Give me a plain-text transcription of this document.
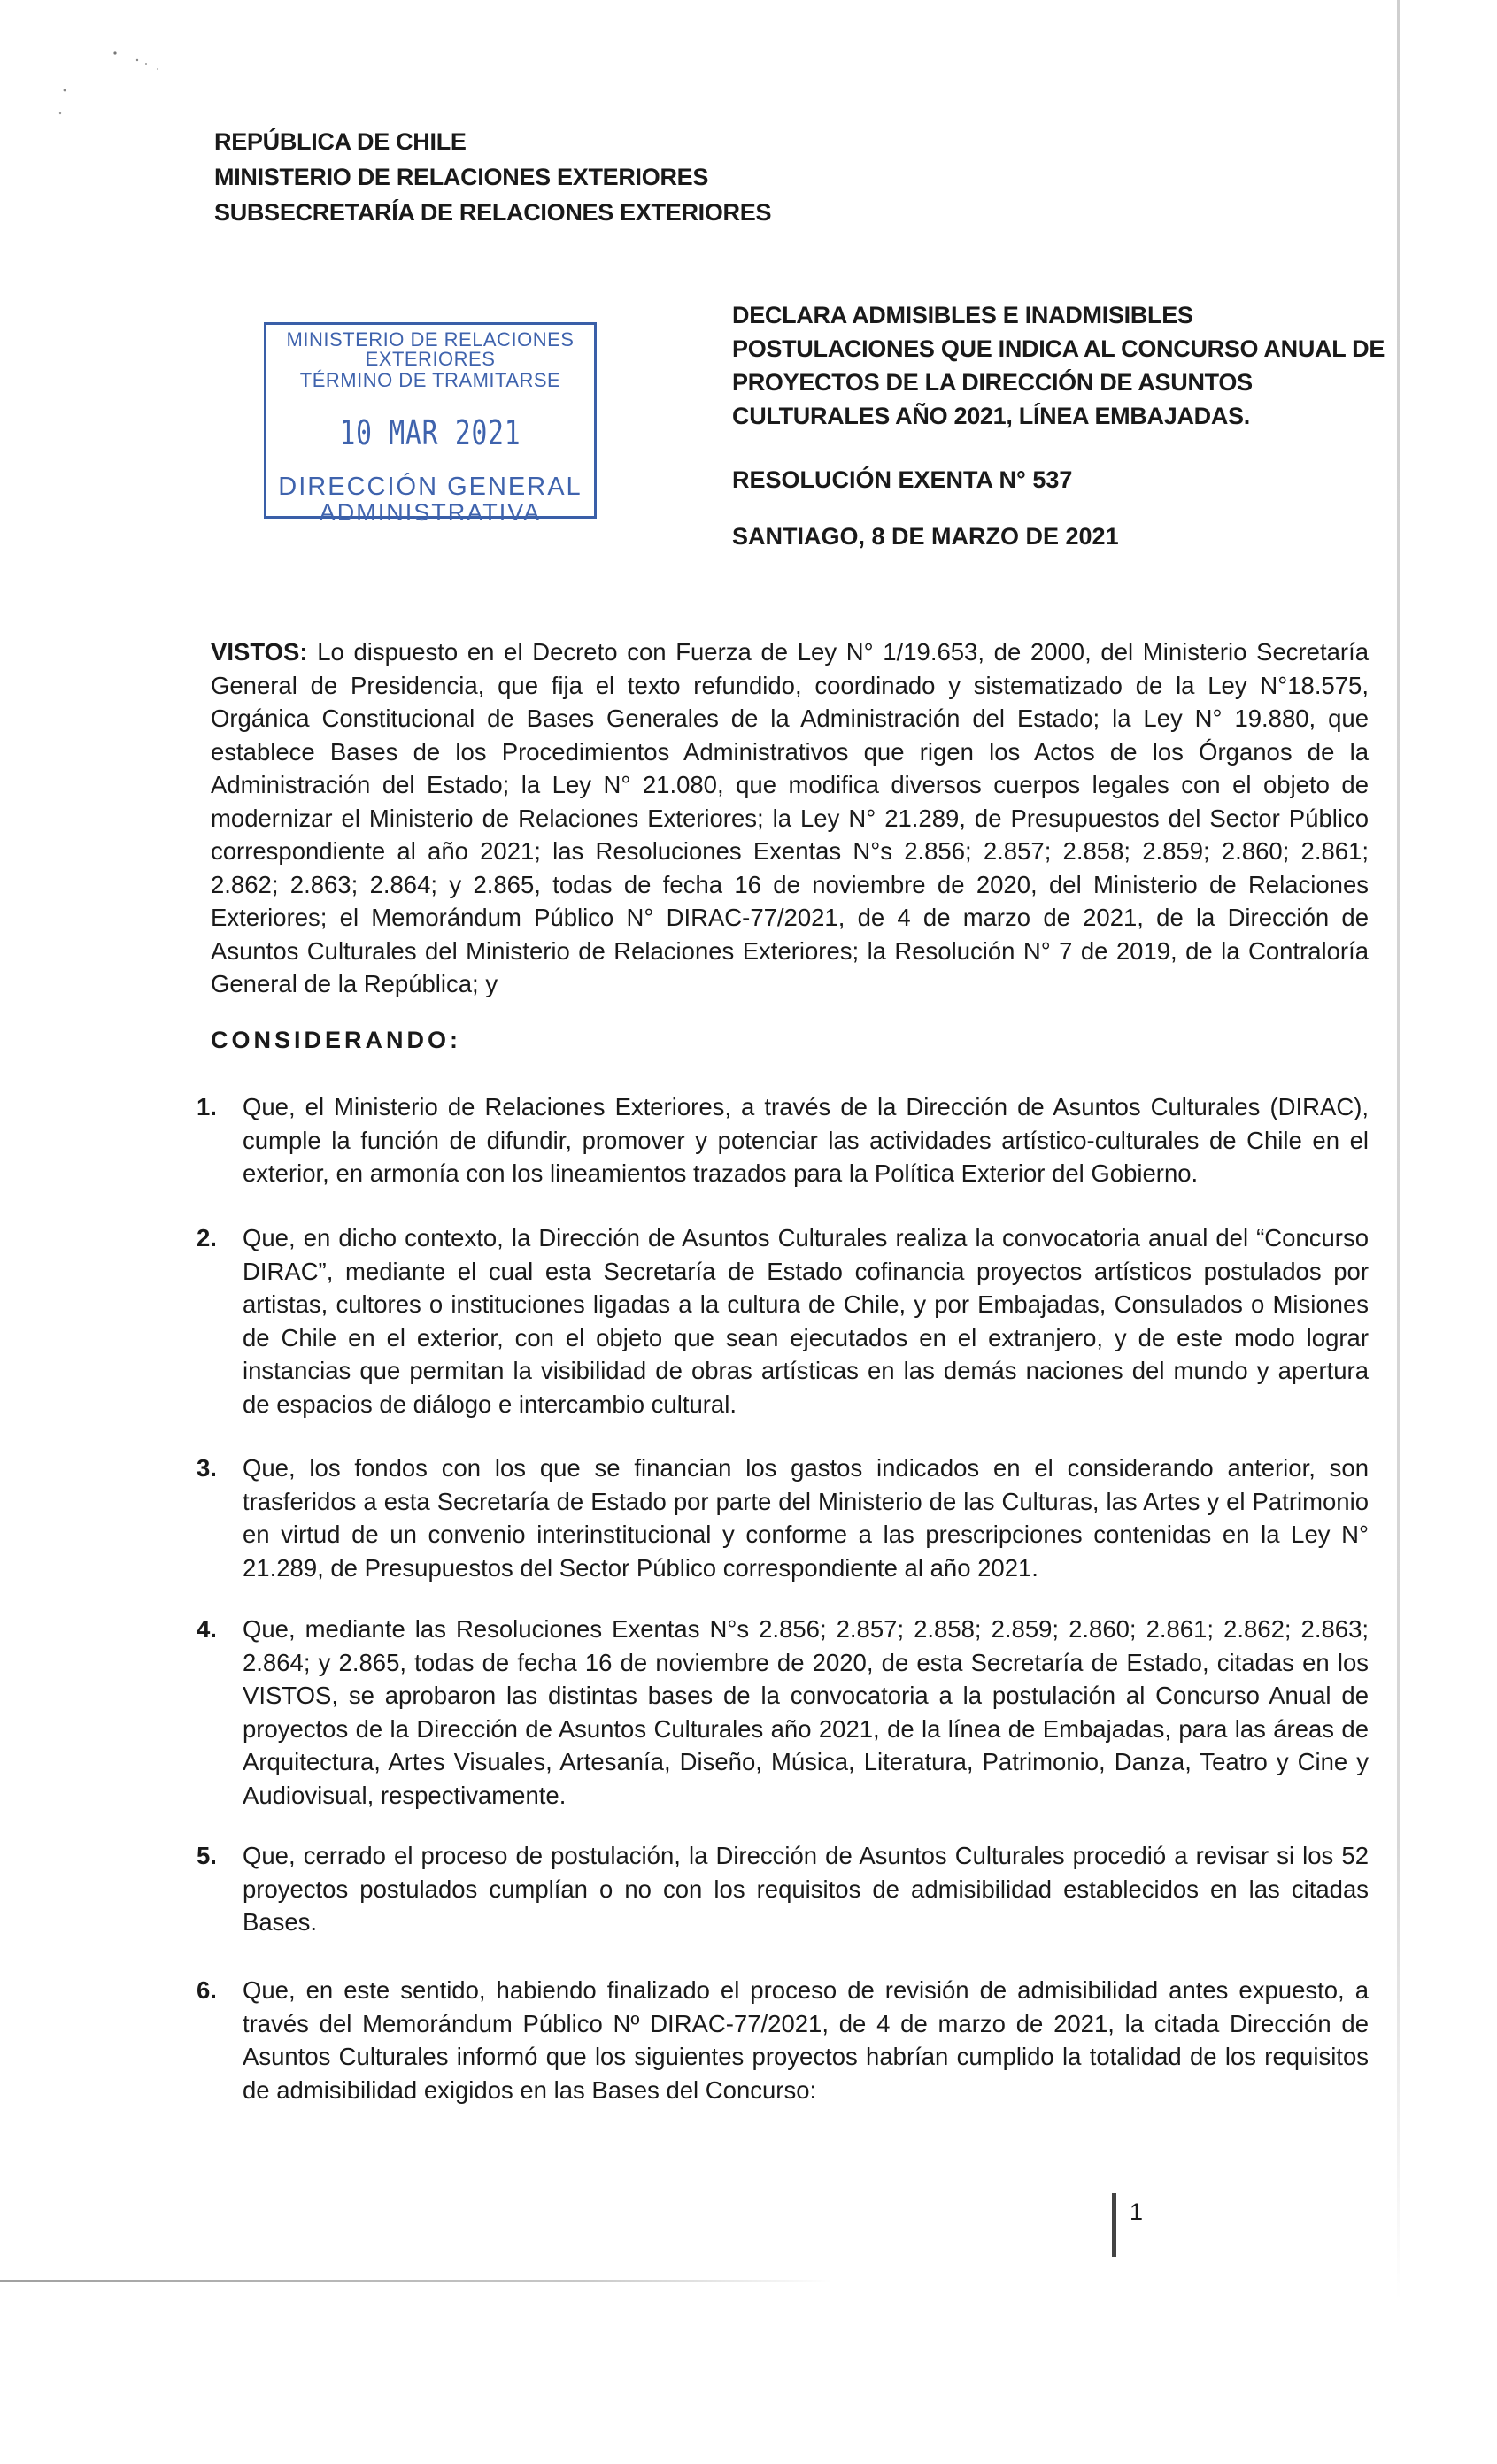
REPÚBLICA DE CHILE
MINISTERIO DE RELACIONES EXTERIORES
SUBSECRETARÍA DE RELACIONES EXTERIORES
MINISTERIO DE RELACIONES
EXTERIORES
TÉRMINO DE TRAMITARSE
10 MAR 2021
DIRECCIÓN GENERAL
ADMINISTRATIVA
DECLARA ADMISIBLES E INADMISIBLES POSTULACIONES QUE INDICA AL CONCURSO ANUAL DE PROYECTOS DE LA DIRECCIÓN DE ASUNTOS CULTURALES AÑO 2021, LÍNEA EMBAJADAS.
RESOLUCIÓN EXENTA N° 537
SANTIAGO, 8 DE MARZO DE 2021
VISTOS: Lo dispuesto en el Decreto con Fuerza de Ley N° 1/19.653, de 2000, del Ministerio Secretaría General de Presidencia, que fija el texto refundido, coordinado y sistematizado de la Ley N°18.575, Orgánica Constitucional de Bases Generales de la Administración del Estado; la Ley N° 19.880, que establece Bases de los Procedimientos Administrativos que rigen los Actos de los Órganos de la Administración del Estado; la Ley N° 21.080, que modifica diversos cuerpos legales con el objeto de modernizar el Ministerio de Relaciones Exteriores; la Ley N° 21.289, de Presupuestos del Sector Público correspondiente al año 2021; las Resoluciones Exentas N°s 2.856; 2.857; 2.858; 2.859; 2.860; 2.861; 2.862; 2.863; 2.864; y 2.865, todas de fecha 16 de noviembre de 2020, del Ministerio de Relaciones Exteriores; el Memorándum Público N° DIRAC-77/2021, de 4 de marzo de 2021, de la Dirección de Asuntos Culturales del Ministerio de Relaciones Exteriores; la Resolución N° 7 de 2019, de la Contraloría General de la República; y
CONSIDERANDO:
1.	Que, el Ministerio de Relaciones Exteriores, a través de la Dirección de Asuntos Culturales (DIRAC), cumple la función de difundir, promover y potenciar las actividades artístico-culturales de Chile en el exterior, en armonía con los lineamientos trazados para la Política Exterior del Gobierno.
2.	Que, en dicho contexto, la Dirección de Asuntos Culturales realiza la convocatoria anual del “Concurso DIRAC”, mediante el cual esta Secretaría de Estado cofinancia proyectos artísticos postulados por artistas, cultores o instituciones ligadas a la cultura de Chile, y por Embajadas, Consulados o Misiones de Chile en el exterior, con el objeto que sean ejecutados en el extranjero, y de este modo lograr instancias que permitan la visibilidad de obras artísticas en las demás naciones del mundo y apertura de espacios de diálogo e intercambio cultural.
3.	Que, los fondos con los que se financian los gastos indicados en el considerando anterior, son trasferidos a esta Secretaría de Estado por parte del Ministerio de las Culturas, las Artes y el Patrimonio en virtud de un convenio interinstitucional y conforme a las prescripciones contenidas en la Ley N° 21.289, de Presupuestos del Sector Público correspondiente al año 2021.
4.	Que, mediante las Resoluciones Exentas N°s 2.856; 2.857; 2.858; 2.859; 2.860; 2.861; 2.862; 2.863; 2.864; y 2.865, todas de fecha 16 de noviembre de 2020, de esta Secretaría de Estado, citadas en los VISTOS, se aprobaron las distintas bases de la convocatoria a la postulación al Concurso Anual de proyectos de la Dirección de Asuntos Culturales año 2021, de la línea de Embajadas, para las áreas de Arquitectura, Artes Visuales, Artesanía, Diseño, Música, Literatura, Patrimonio, Danza, Teatro y Cine y Audiovisual, respectivamente.
5.	Que, cerrado el proceso de postulación, la Dirección de Asuntos Culturales procedió a revisar si los 52 proyectos postulados cumplían o no con los requisitos de admisibilidad establecidos en las citadas Bases.
6.	Que, en este sentido, habiendo finalizado el proceso de revisión de admisibilidad antes expuesto, a través del Memorándum Público Nº DIRAC-77/2021, de 4 de marzo de 2021, la citada Dirección de Asuntos Culturales informó que los siguientes proyectos habrían cumplido la totalidad de los requisitos de admisibilidad exigidos en las Bases del Concurso:
1
